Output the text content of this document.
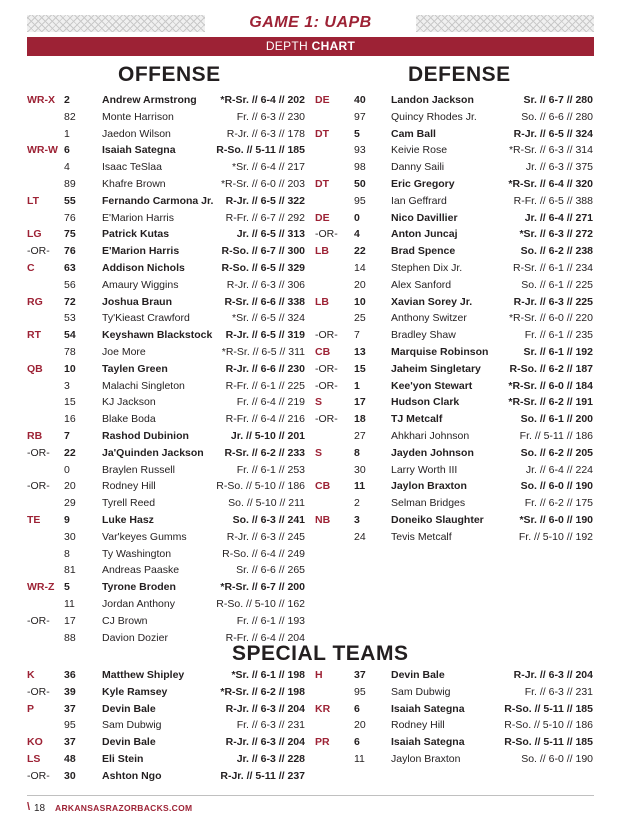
GAME 1: UAPB
DEPTH CHART
OFFENSE	DEFENSE
SPECIAL TEAMS
WR-X 2	Andrew Armstrong *R-Sr. // 6-4 // 202
82	Monte Harrison	Fr. // 6-3 // 230
1	Jaedon Wilson	R-Jr. // 6-3 // 178
WR-W 6	Isaiah Sategna	R-So. // 5-11 // 185
4	Isaac TeSlaa	*Sr. // 6-4 // 217
89	Khafre Brown	*R-Sr. // 6-0 // 203
LT 55	Fernando Carmona Jr. R-Jr. // 6-5 // 322
76	E'Marion Harris	R-Fr. // 6-7 // 292
LG 75	Patrick Kutas	Jr. // 6-5 // 313
-OR- 76	E'Marion Harris	R-So. // 6-7 // 300
C	63	Addison Nichols	R-So. // 6-5 // 329
56	Amaury Wiggins	R-Jr. // 6-3 // 306
RG 72	Joshua Braun	R-Sr. // 6-6 // 338
53	Ty'Kieast Crawford	*Sr. // 6-5 // 324
RT 54	Keyshawn Blackstock R-Jr. // 6-5 // 319
78	Joe More	*R-Sr. // 6-5 // 311
QB 10	Taylen Green	R-Jr. // 6-6 // 230
3	Malachi Singleton	R-Fr. // 6-1 // 225
15	KJ Jackson	Fr. // 6-4 // 219
16	Blake Boda	R-Fr. // 6-4 // 216
RB 7	Rashod Dubinion	Jr. // 5-10 // 201
-OR- 22	Ja'Quinden Jackson R-Sr. // 6-2 // 233
0	Braylen Russell	Fr. // 6-1 // 253
-OR- 20	Rodney Hill	R-So. // 5-10 // 186
29	Tyrell Reed	So. // 5-10 // 211
TE 9	Luke Hasz	So. // 6-3 // 241
30	Var'keyes Gumms	R-Jr. // 6-3 // 245
8	Ty Washington	R-So. // 6-4 // 249
81	Andreas Paaske	Sr. // 6-6 // 265
WR-Z 5	Tyrone Broden	*R-Sr. // 6-7 // 200
11	Jordan Anthony	R-So. // 5-10 // 162
-OR- 17	CJ Brown	Fr. // 6-1 // 193
88	Davion Dozier	R-Fr. // 6-4 // 204
DE 40 Landon Jackson	Sr. // 6-7 // 280
97 Quincy Rhodes Jr.	So. // 6-6 // 280
DT 5	Cam Ball	R-Jr. // 6-5 // 324
93 Keivie Rose	*R-Sr. // 6-3 // 314
98 Danny Saili	Jr. // 6-3 // 375
DT 50 Eric Gregory	*R-Sr. // 6-4 // 320
95 Ian Geffrard	R-Fr. // 6-5 // 388
DE 0	Nico Davillier	Jr. // 6-4 // 271
-OR- 4	Anton Juncaj	*Sr. // 6-3 // 272
LB 22 Brad Spence	So. // 6-2 // 238
14 Stephen Dix Jr.	R-Sr. // 6-1 // 234
20 Alex Sanford	So. // 6-1 // 225
LB 10 Xavian Sorey Jr.	R-Jr. // 6-3 // 225
25 Anthony Switzer	*R-Sr. // 6-0 // 220
-OR- 7	Bradley Shaw	Fr. // 6-1 // 235
CB 13 Marquise Robinson	Sr. // 6-1 // 192
-OR- 15 Jaheim Singletary	R-So. // 6-2 // 187
-OR- 1	Kee'yon Stewart	*R-Sr. // 6-0 // 184
S	17 Hudson Clark	*R-Sr. // 6-2 // 191
-OR- 18 TJ Metcalf	So. // 6-1 // 200
27 Ahkhari Johnson	Fr. // 5-11 // 186
S	8	Jayden Johnson	So. // 6-2 // 205
30 Larry Worth III	Jr. // 6-4 // 224
CB 11 Jaylon Braxton	So. // 6-0 // 190
2	Selman Bridges	Fr. // 6-2 // 175
NB 3	Doneiko Slaughter	*Sr. // 6-0 // 190
24 Tevis Metcalf	Fr. // 5-10 // 192
K	36	Matthew Shipley	*Sr. // 6-1 // 198
-OR- 39	Kyle Ramsey	*R-Sr. // 6-2 // 198
P	37	Devin Bale	R-Jr. // 6-3 // 204
95	Sam Dubwig	Fr. // 6-3 // 231
KO 37	Devin Bale	R-Jr. // 6-3 // 204
LS 48	Eli Stein	Jr. // 6-3 // 228
-OR- 30	Ashton Ngo	R-Jr. // 5-11 // 237
H	37 Devin Bale	R-Jr. // 6-3 // 204
95 Sam Dubwig	Fr. // 6-3 // 231
KR 6	Isaiah Sategna	R-So. // 5-11 // 185
20 Rodney Hill	R-So. // 5-10 // 186
PR 6	Isaiah Sategna	R-So. // 5-11 // 185
11 Jaylon Braxton	So. // 6-0 // 190
\ 18 ARKANSASRAZORBACKS.COM
